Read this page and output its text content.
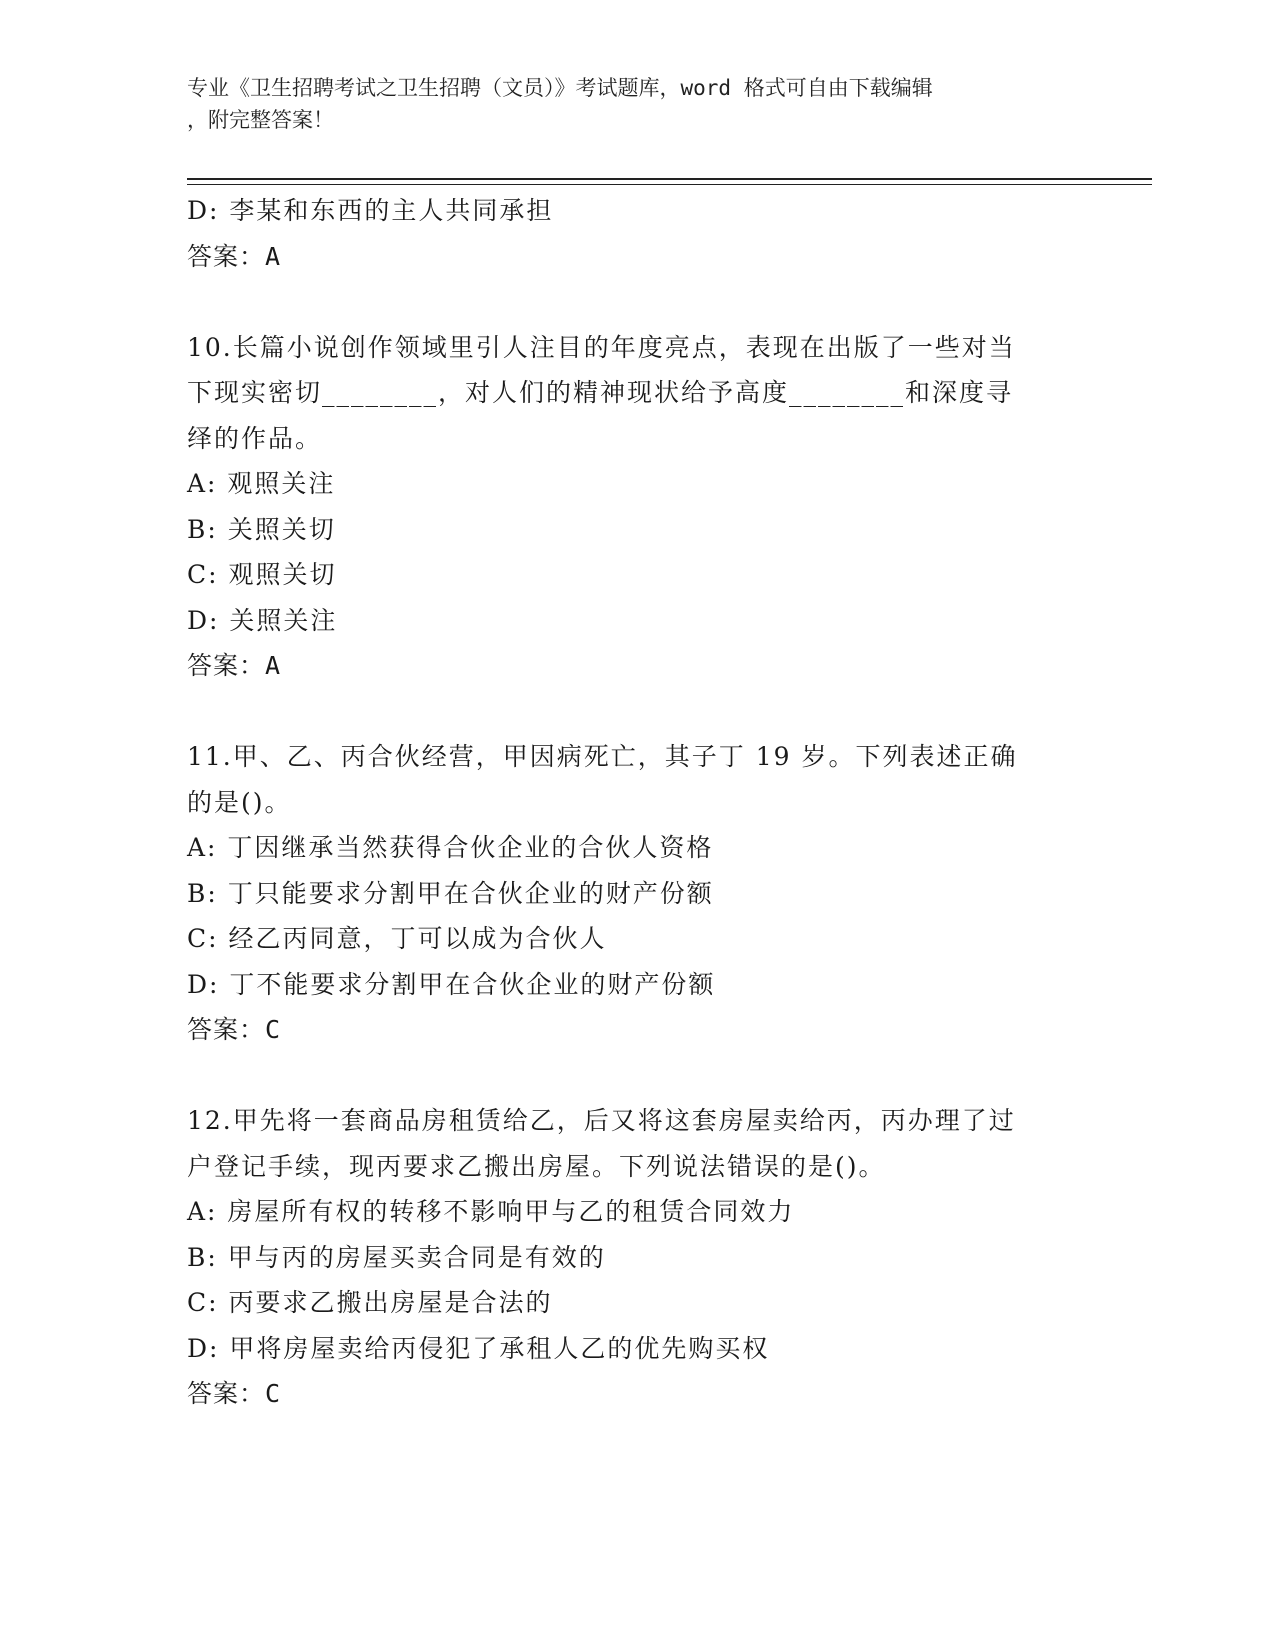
专业《卫生招聘考试之卫生招聘（文员）》考试题库，word 格式可自由下载编辑
，附完整答案！
D: 李某和东西的主人共同承担
答案：A
10.长篇小说创作领域里引人注目的年度亮点，表现在出版了一些对当
下现实密切________，对人们的精神现状给予高度________和深度寻
绎的作品。
A: 观照关注
B: 关照关切
C: 观照关切
D: 关照关注
答案：A
11.甲、乙、丙合伙经营，甲因病死亡，其子丁 19 岁。下列表述正确
的是()。
A: 丁因继承当然获得合伙企业的合伙人资格
B: 丁只能要求分割甲在合伙企业的财产份额
C: 经乙丙同意，丁可以成为合伙人
D: 丁不能要求分割甲在合伙企业的财产份额
答案：C
12.甲先将一套商品房租赁给乙，后又将这套房屋卖给丙，丙办理了过
户登记手续，现丙要求乙搬出房屋。下列说法错误的是()。
A: 房屋所有权的转移不影响甲与乙的租赁合同效力
B: 甲与丙的房屋买卖合同是有效的
C: 丙要求乙搬出房屋是合法的
D: 甲将房屋卖给丙侵犯了承租人乙的优先购买权
答案：C
